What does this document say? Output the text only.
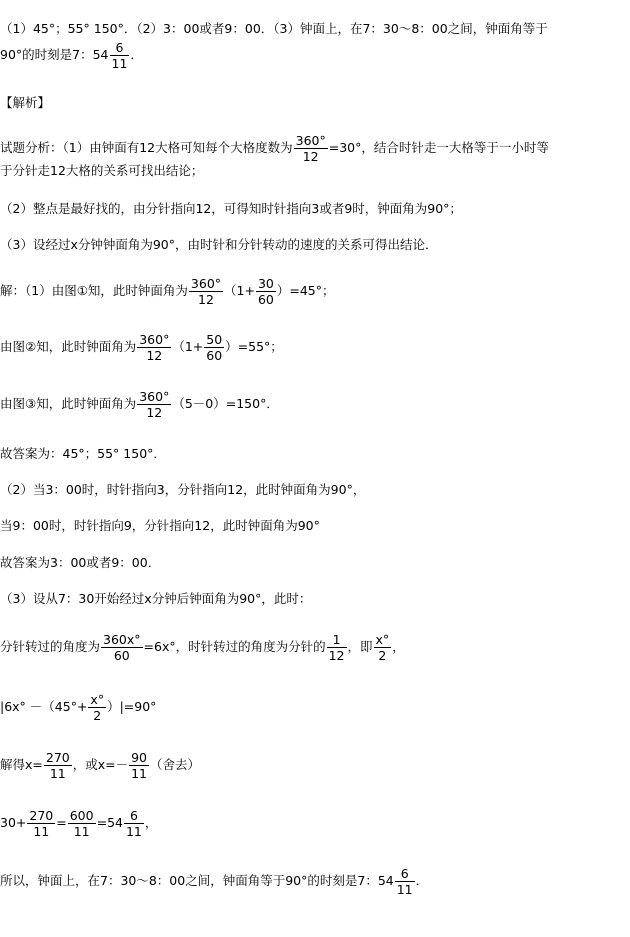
（1）45°；55° 150°．（2）3：00或者9：00．（3）钟面上，在7：30～8：00之间，钟面角等于
90°的时刻是7：$54 \frac{6}{11}$ ．
【解析】
试题分析：（1）由钟面有12大格可知每个大格度数为 $\frac{360^\circ}{12} =30^\circ$，结合时针走一大格等于一小时等
于分针走12大格的关系可找出结论；
（2）整点是最好找的，由分针指向12，可得知时针指向3或者9时，钟面角为90°；
（3）设经过x分钟钟面角为90°，由时针和分针转动的速度的关系可得出结论．
解：（1）由图①知，此时钟面角为 $\frac{360^\circ}{12} (1+ \frac{30}{60} )=45^\circ$；
由图②知，此时钟面角为 $\frac{360^\circ}{12} (1+ \frac{50}{60} )=55^\circ$；
由图③知，此时钟面角为 $\frac{360^\circ}{12} (5-0)=150^\circ$．
故答案为：45°；55° 150°．
（2）当3：00时，时针指向3，分针指向12，此时钟面角为90°，
当9：00时，时针指向9，分针指向12，此时钟面角为90°
故答案为3：00或者9：00．
（3）设从7：30开始经过x分钟后钟面角为90°，此时：
分针转过的角度为 $\frac{360x^\circ}{60} =6x^\circ$，时针转过的角度为分针的 $\frac{1}{12}$ ，即 $\frac{x^\circ}{2}$ ，
$|6x^\circ -(45^\circ+ \frac{x^\circ}{2} )|=90^\circ$
解得$x= \frac{270}{11}$ ，或$x=- \frac{90}{11}$ （舍去）
$30+ \frac{270}{11} = \frac{600}{11} =54 \frac{6}{11}$ ，
所以，钟面上，在7：30～8：00之间，钟面角等于90°的时刻是7：$54 \frac{6}{11}$ ．
